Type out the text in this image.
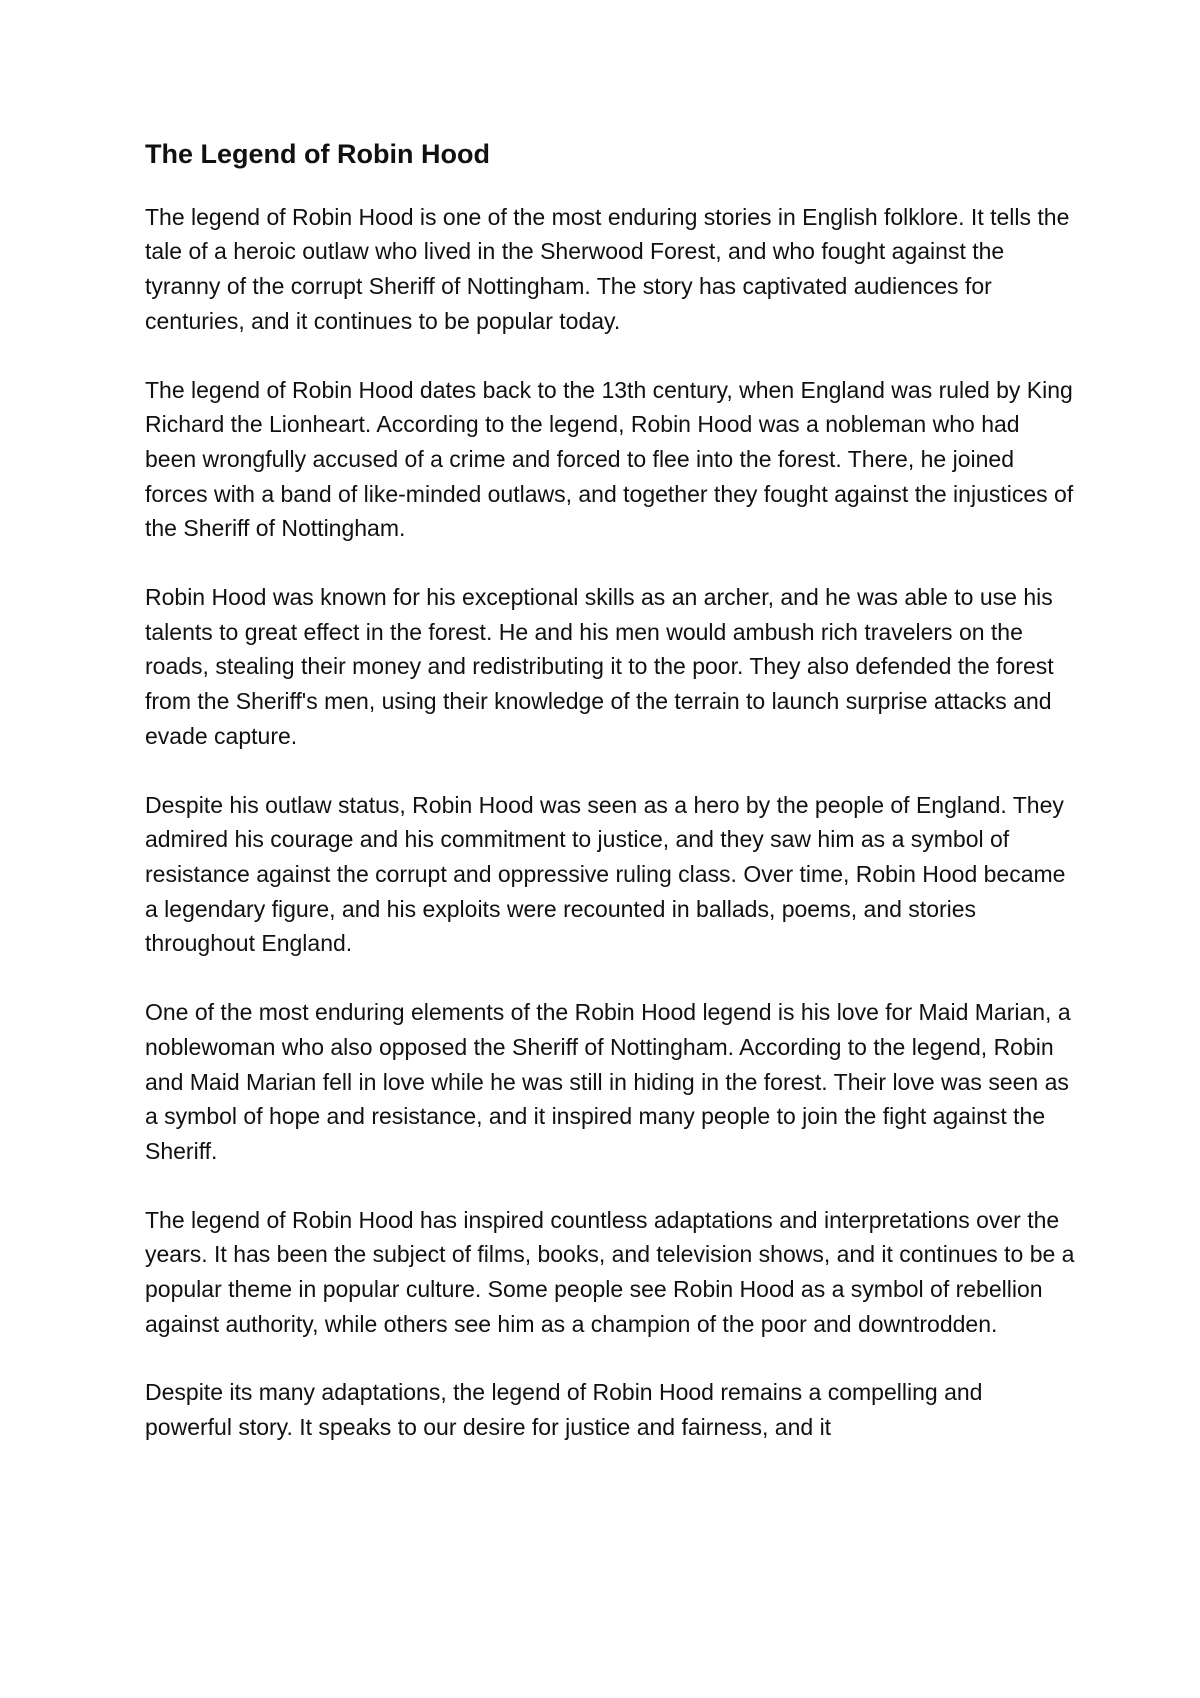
The Legend of Robin Hood

The legend of Robin Hood is one of the most enduring stories in English folklore. It tells the tale of a heroic outlaw who lived in the Sherwood Forest, and who fought against the tyranny of the corrupt Sheriff of Nottingham. The story has captivated audiences for centuries, and it continues to be popular today.

The legend of Robin Hood dates back to the 13th century, when England was ruled by King Richard the Lionheart. According to the legend, Robin Hood was a nobleman who had been wrongfully accused of a crime and forced to flee into the forest. There, he joined forces with a band of like-minded outlaws, and together they fought against the injustices of the Sheriff of Nottingham.

Robin Hood was known for his exceptional skills as an archer, and he was able to use his talents to great effect in the forest. He and his men would ambush rich travelers on the roads, stealing their money and redistributing it to the poor. They also defended the forest from the Sheriff's men, using their knowledge of the terrain to launch surprise attacks and evade capture.

Despite his outlaw status, Robin Hood was seen as a hero by the people of England. They admired his courage and his commitment to justice, and they saw him as a symbol of resistance against the corrupt and oppressive ruling class. Over time, Robin Hood became a legendary figure, and his exploits were recounted in ballads, poems, and stories throughout England.

One of the most enduring elements of the Robin Hood legend is his love for Maid Marian, a noblewoman who also opposed the Sheriff of Nottingham. According to the legend, Robin and Maid Marian fell in love while he was still in hiding in the forest. Their love was seen as a symbol of hope and resistance, and it inspired many people to join the fight against the Sheriff.

The legend of Robin Hood has inspired countless adaptations and interpretations over the years. It has been the subject of films, books, and television shows, and it continues to be a popular theme in popular culture. Some people see Robin Hood as a symbol of rebellion against authority, while others see him as a champion of the poor and downtrodden.

Despite its many adaptations, the legend of Robin Hood remains a compelling and powerful story. It speaks to our desire for justice and fairness, and it
